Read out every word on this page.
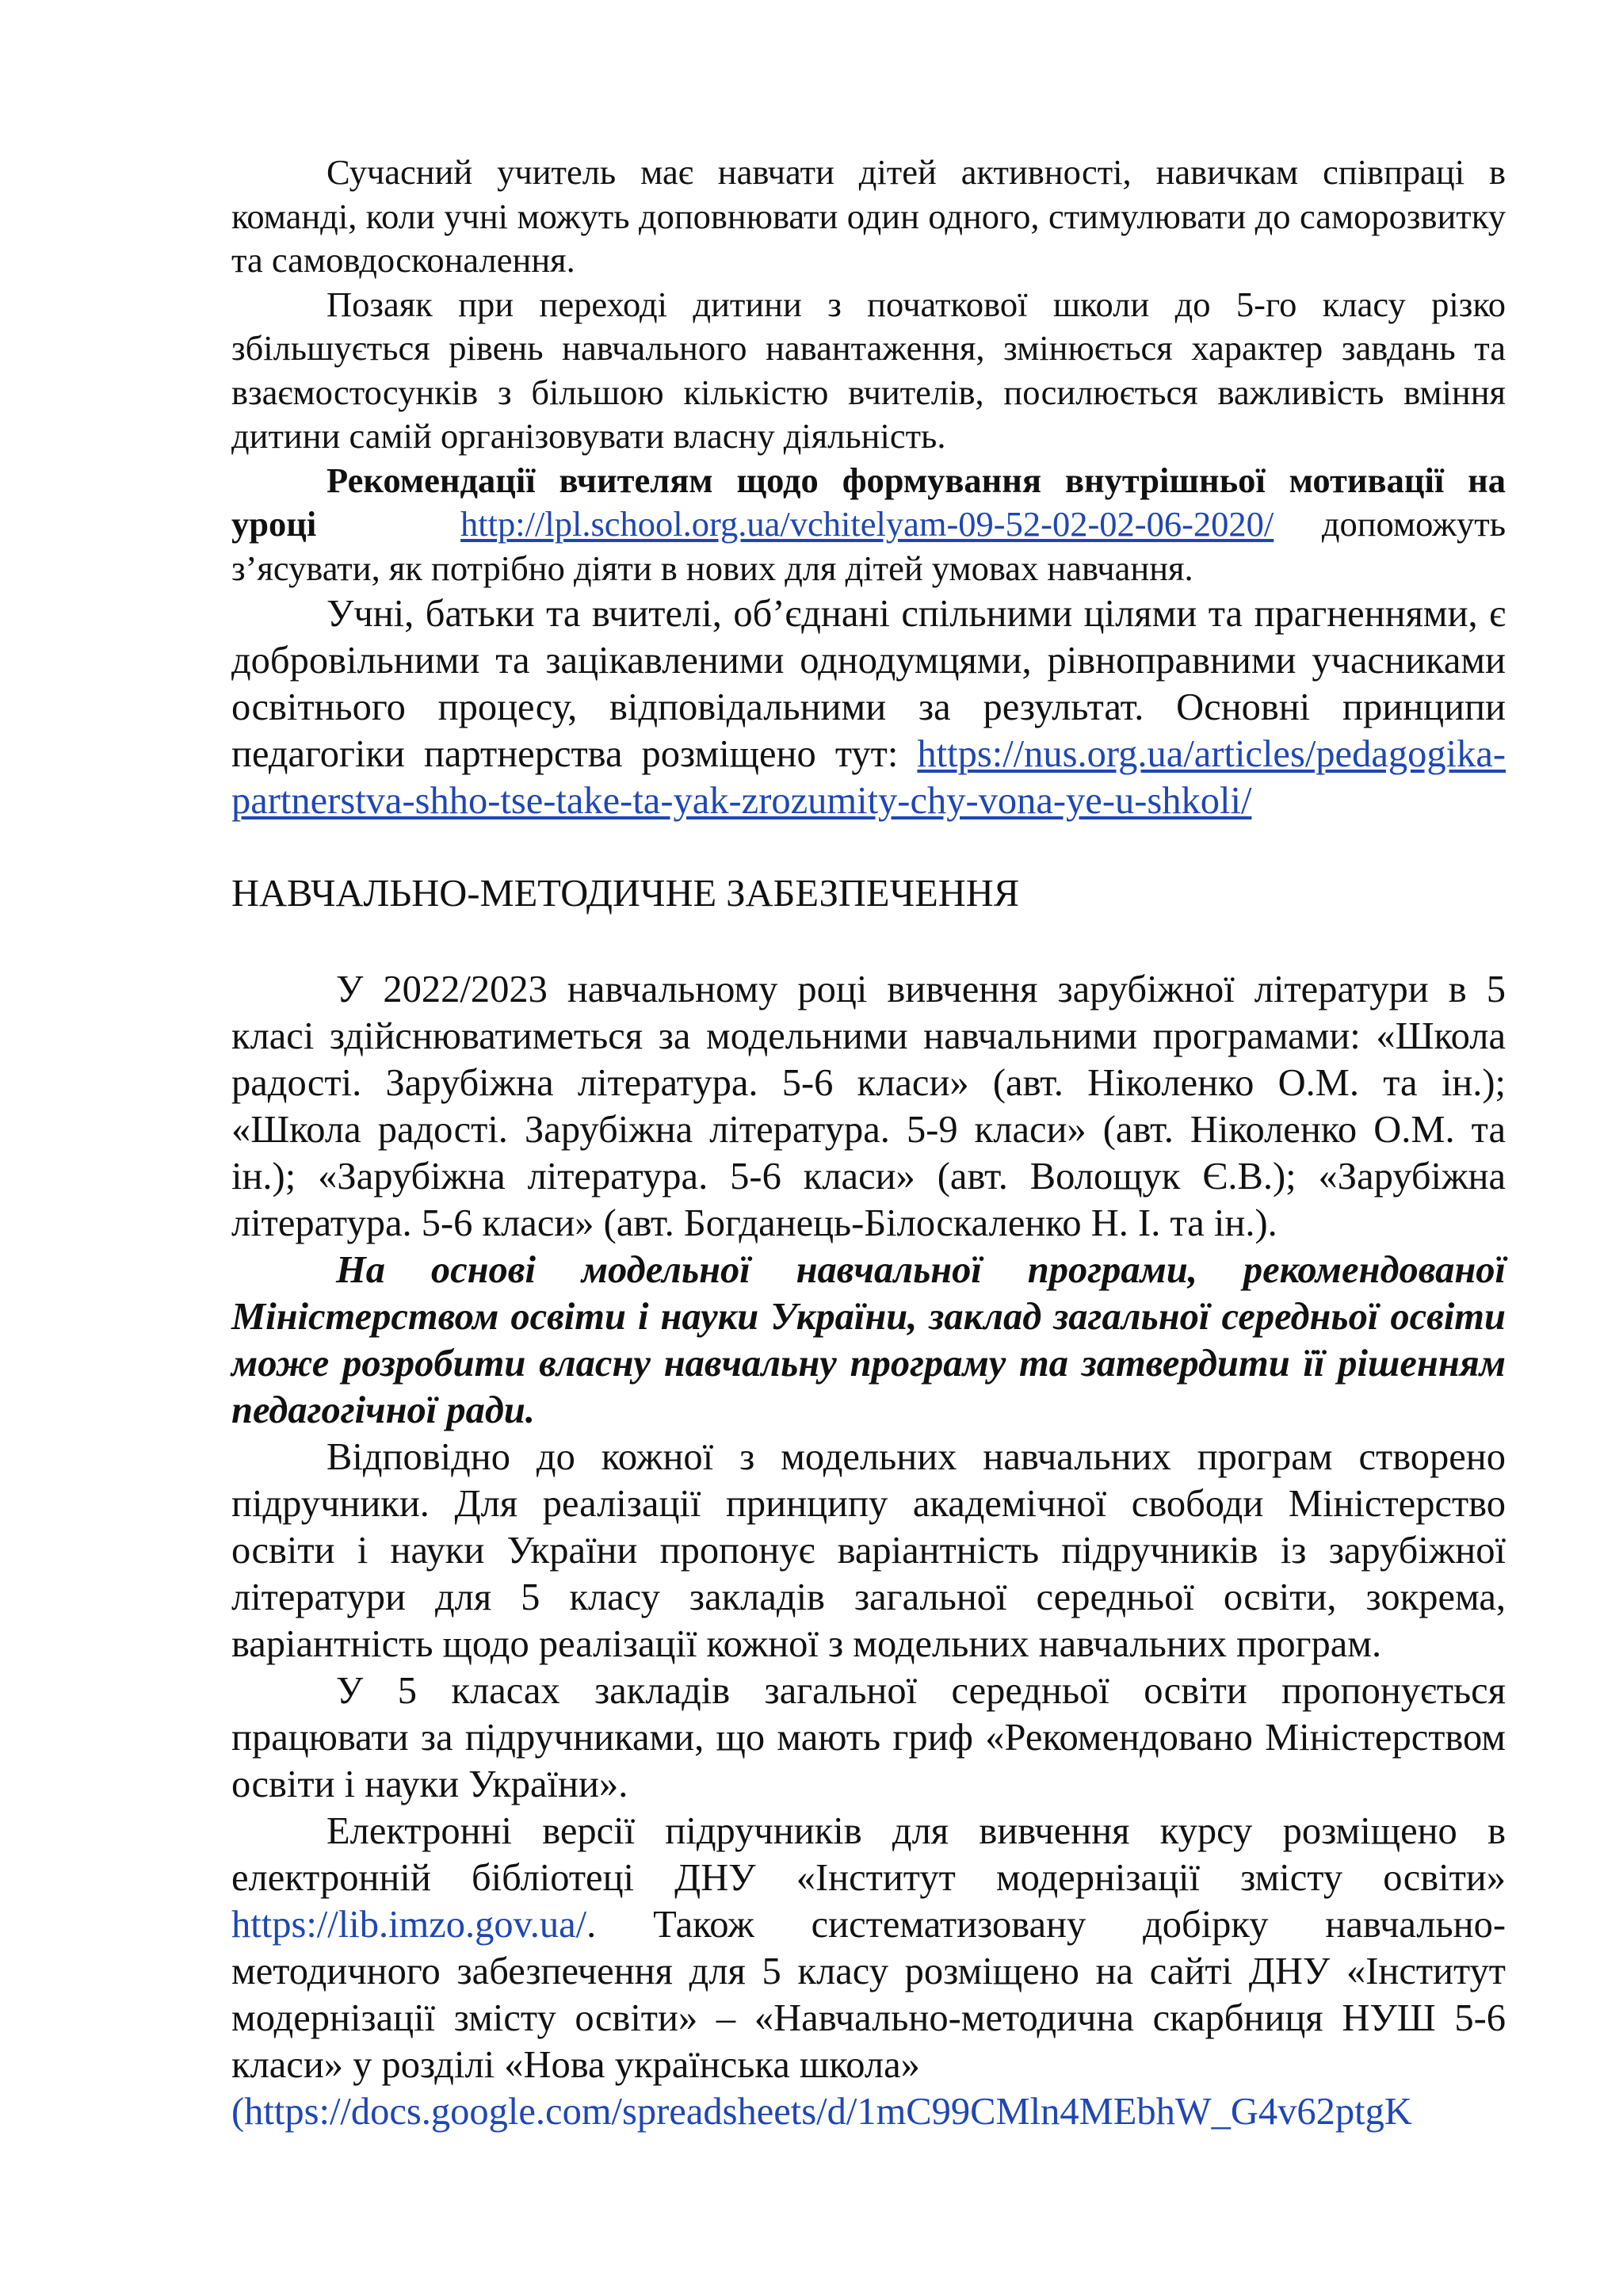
Сучасний учитель має навчати дітей активності, навичкам співпраці в команді, коли учні можуть доповнювати один одного, стимулювати до саморозвитку та самовдосконалення.

Позаяк при переході дитини з початкової школи до 5-го класу різко збільшується рівень навчального навантаження, змінюється характер завдань та взаємостосунків з більшою кількістю вчителів, посилюється важливість вміння дитини самій організовувати власну діяльність.

Рекомендації вчителям щодо формування внутрішньої мотивації на уроці	http://lpl.school.org.ua/vchitelyam-09-52-02-02-06-2020/ допоможуть з’ясувати, як потрібно діяти в нових для дітей умовах навчання.

Учні, батьки та вчителі, об’єднані спільними цілями та прагненнями, є добровільними та зацікавленими однодумцями, рівноправними учасниками освітнього процесу, відповідальними за результат. Основні принципи педагогіки партнерства розміщено тут: https://nus.org.ua/articles/pedagogika-partnerstva-shho-tse-take-ta-yak-zrozumity-chy-vona-ye-u-shkoli/

НАВЧАЛЬНО-МЕТОДИЧНЕ ЗАБЕЗПЕЧЕННЯ

У 2022/2023 навчальному році вивчення зарубіжної літератури в 5 класі здійснюватиметься за модельними навчальними програмами: «Школа радості. Зарубіжна література. 5-6 класи» (авт. Ніколенко О.М. та ін.); «Школа радості. Зарубіжна література. 5-9 класи» (авт. Ніколенко О.М. та ін.); «Зарубіжна література. 5-6 класи» (авт. Волощук Є.В.); «Зарубіжна література. 5-6 класи» (авт. Богданець-Білоскаленко Н. І. та ін.).

На основі модельної навчальної програми, рекомендованої Міністерством освіти і науки України, заклад загальної середньої освіти може розробити власну навчальну програму та затвердити її рішенням педагогічної ради.

Відповідно до кожної з модельних навчальних програм створено підручники. Для реалізації принципу академічної свободи Міністерство освіти і науки України пропонує варіантність підручників із зарубіжної літератури для 5 класу закладів загальної середньої освіти, зокрема, варіантність щодо реалізації кожної з модельних навчальних програм.

У 5 класах закладів загальної середньої освіти пропонується працювати за підручниками, що мають гриф «Рекомендовано Міністерством освіти і науки України».

Електронні версії підручників для вивчення курсу розміщено в електронній бібліотеці ДНУ «Інститут модернізації змісту освіти» https://lib.imzo.gov.ua/. Також систематизовану добірку навчально-методичного забезпечення для 5 класу розміщено на сайті ДНУ «Інститут модернізації змісту освіти» – «Навчально-методична скарбниця НУШ 5-6 класи» у розділі «Нова українська школа»

(https://docs.google.com/spreadsheets/d/1mC99CMln4MEbhW_G4v62ptgK
